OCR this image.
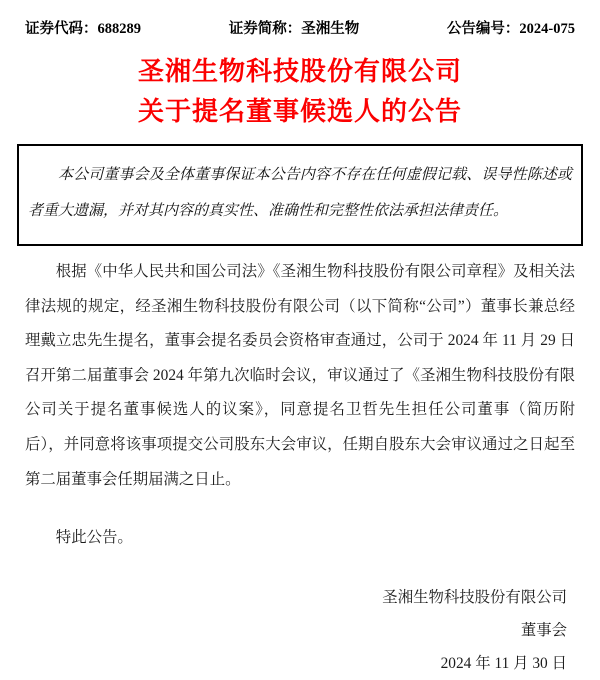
证券代码：688289	证券简称：圣湘生物	公告编号：2024-075
圣湘生物科技股份有限公司
关于提名董事候选人的公告
本公司董事会及全体董事保证本公告内容不存在任何虚假记载、误导性陈述或者重大遗漏，并对其内容的真实性、准确性和完整性依法承担法律责任。

根据《中华人民共和国公司法》《圣湘生物科技股份有限公司章程》及相关法律法规的规定，经圣湘生物科技股份有限公司（以下简称“公司”）董事长兼总经理戴立忠先生提名，董事会提名委员会资格审查通过，公司于 2024 年 11 月 29 日召开第二届董事会 2024 年第九次临时会议，审议通过了《圣湘生物科技股份有限公司关于提名董事候选人的议案》，同意提名卫哲先生担任公司董事（简历附后），并同意将该事项提交公司股东大会审议，任期自股东大会审议通过之日起至第二届董事会任期届满之日止。

特此公告。

圣湘生物科技股份有限公司
董事会
2024 年 11 月 30 日
